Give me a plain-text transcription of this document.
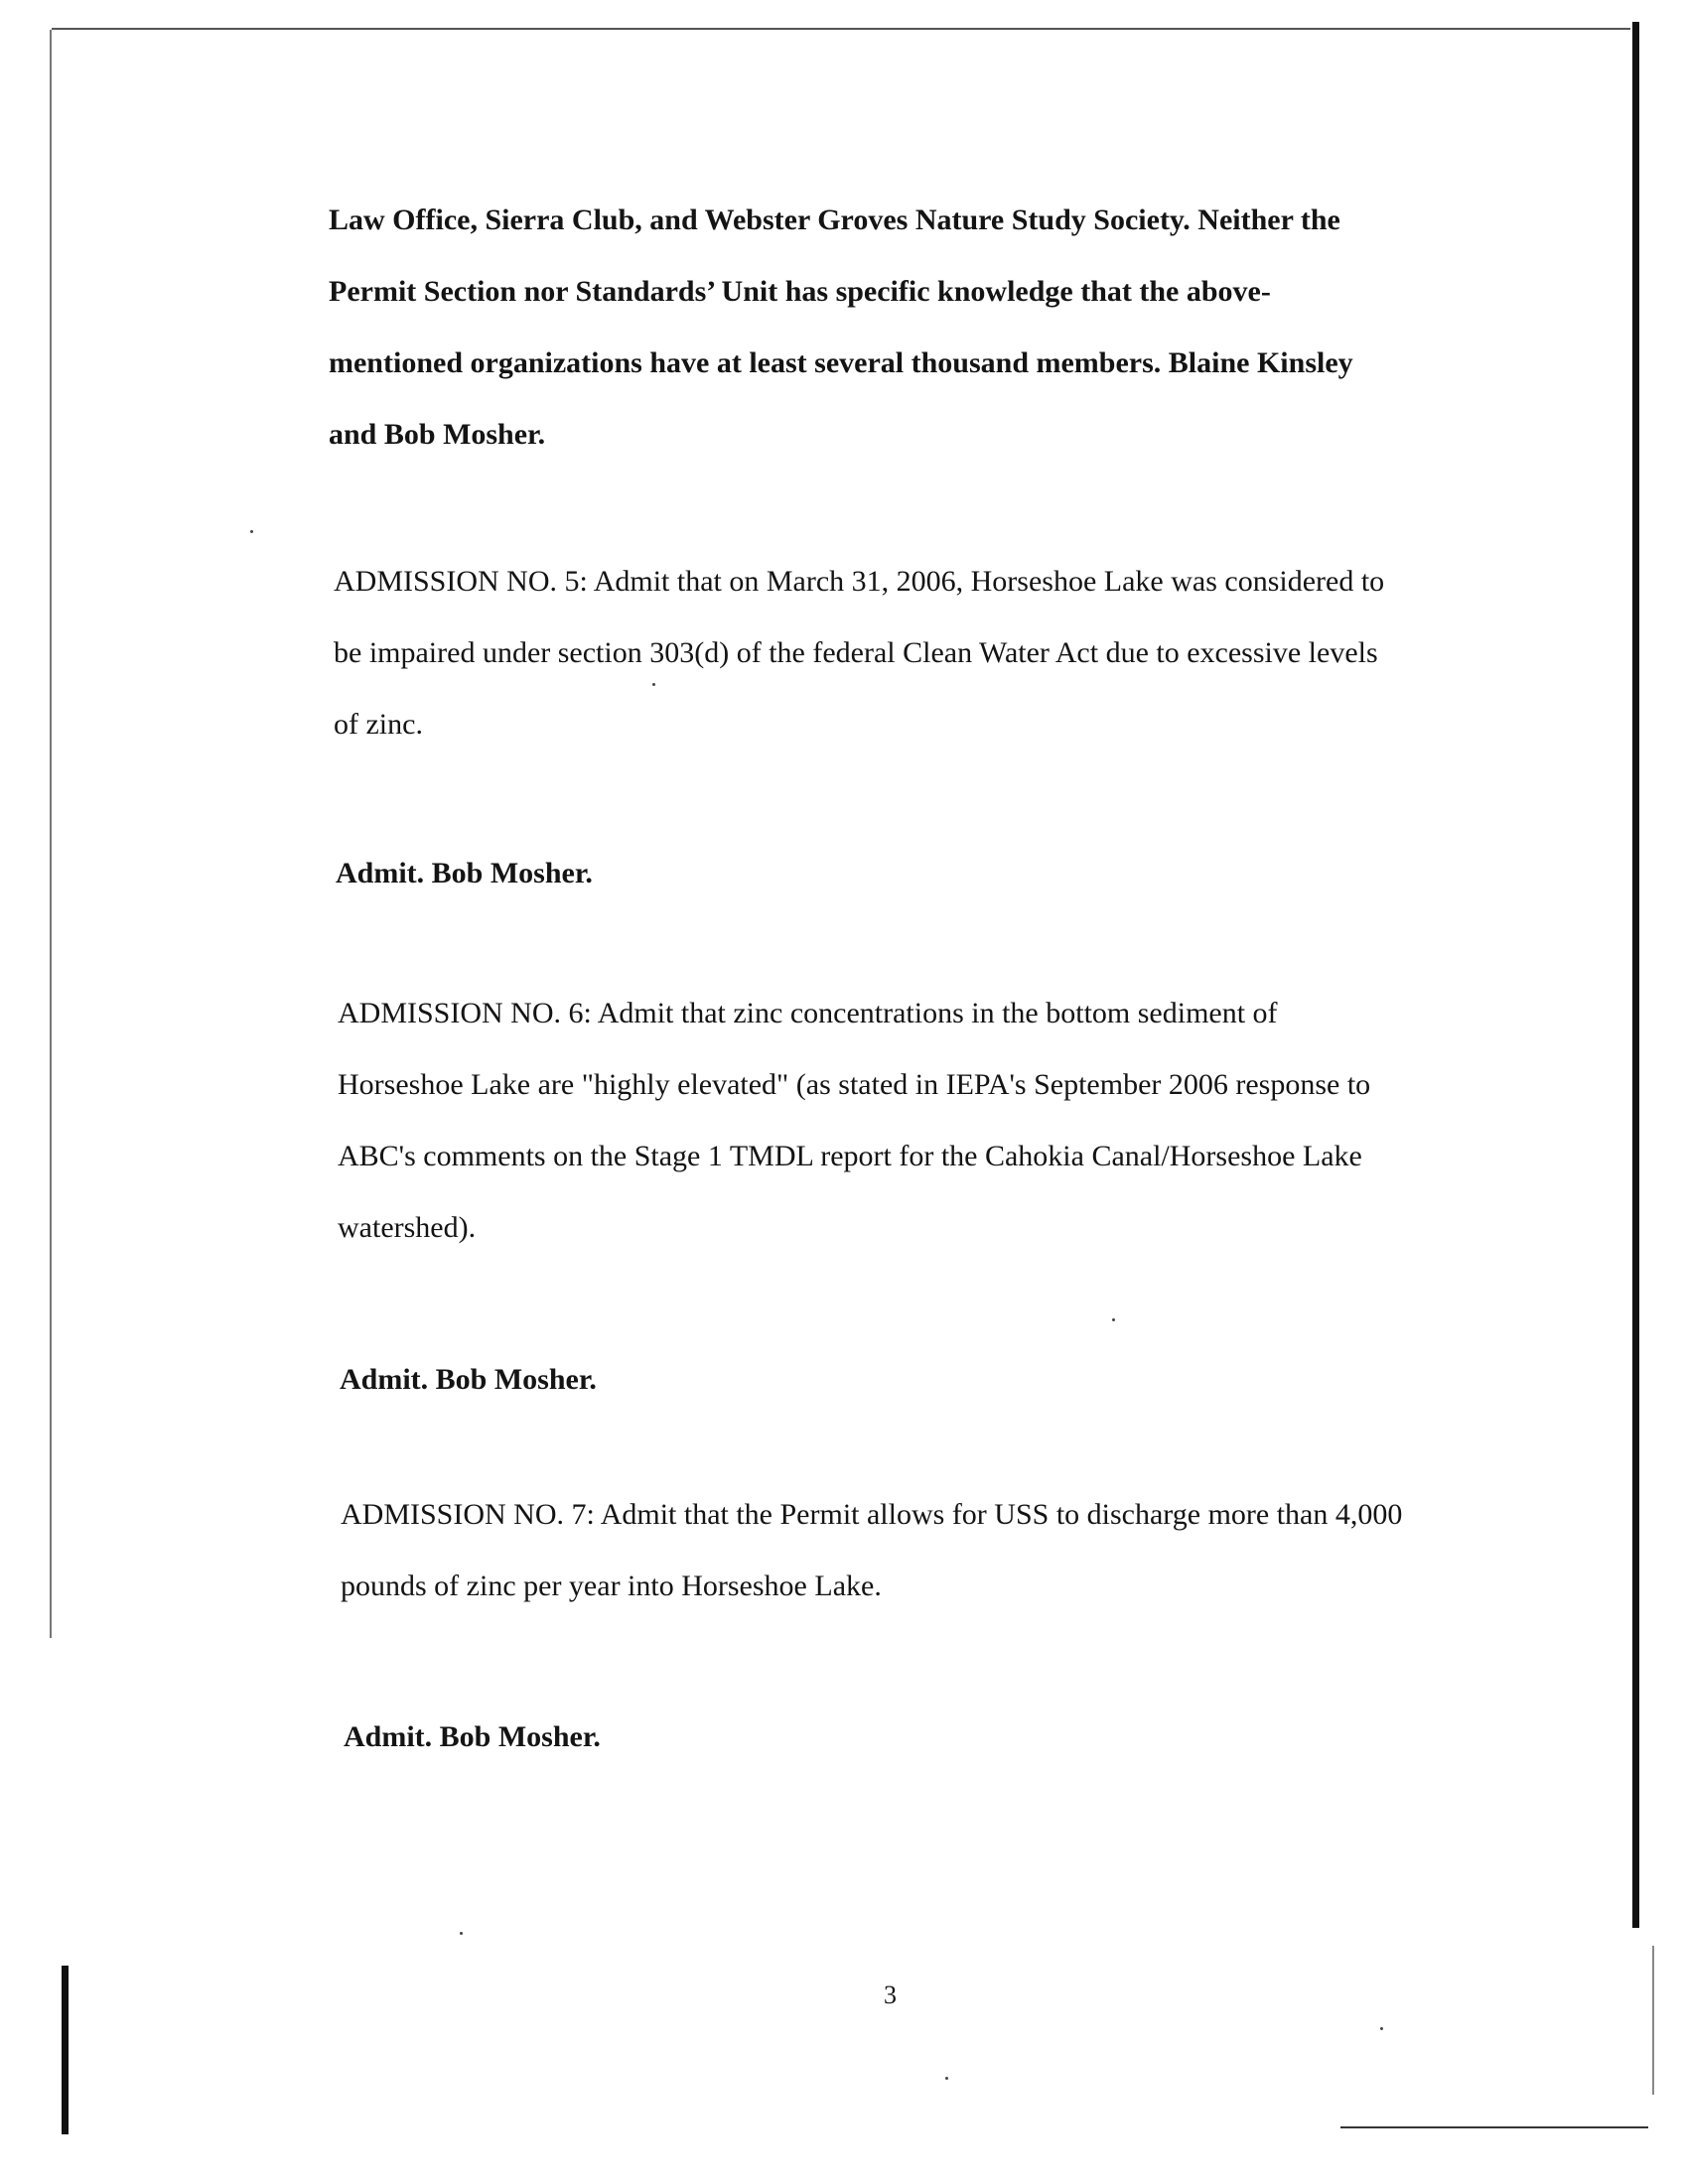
Law Office, Sierra Club, and Webster Groves Nature Study Society. Neither the
Permit Section nor Standards’ Unit has specific knowledge that the above-
mentioned organizations have at least several thousand members. Blaine Kinsley
and Bob Mosher.

ADMISSION NO. 5: Admit that on March 31, 2006, Horseshoe Lake was considered to
be impaired under section 303(d) of the federal Clean Water Act due to excessive levels
of zinc.

Admit. Bob Mosher.

ADMISSION NO. 6: Admit that zinc concentrations in the bottom sediment of
Horseshoe Lake are "highly elevated" (as stated in IEPA's September 2006 response to
ABC's comments on the Stage 1 TMDL report for the Cahokia Canal/Horseshoe Lake
watershed).

Admit. Bob Mosher.

ADMISSION NO. 7: Admit that the Permit allows for USS to discharge more than 4,000
pounds of zinc per year into Horseshoe Lake.

Admit. Bob Mosher.

3
